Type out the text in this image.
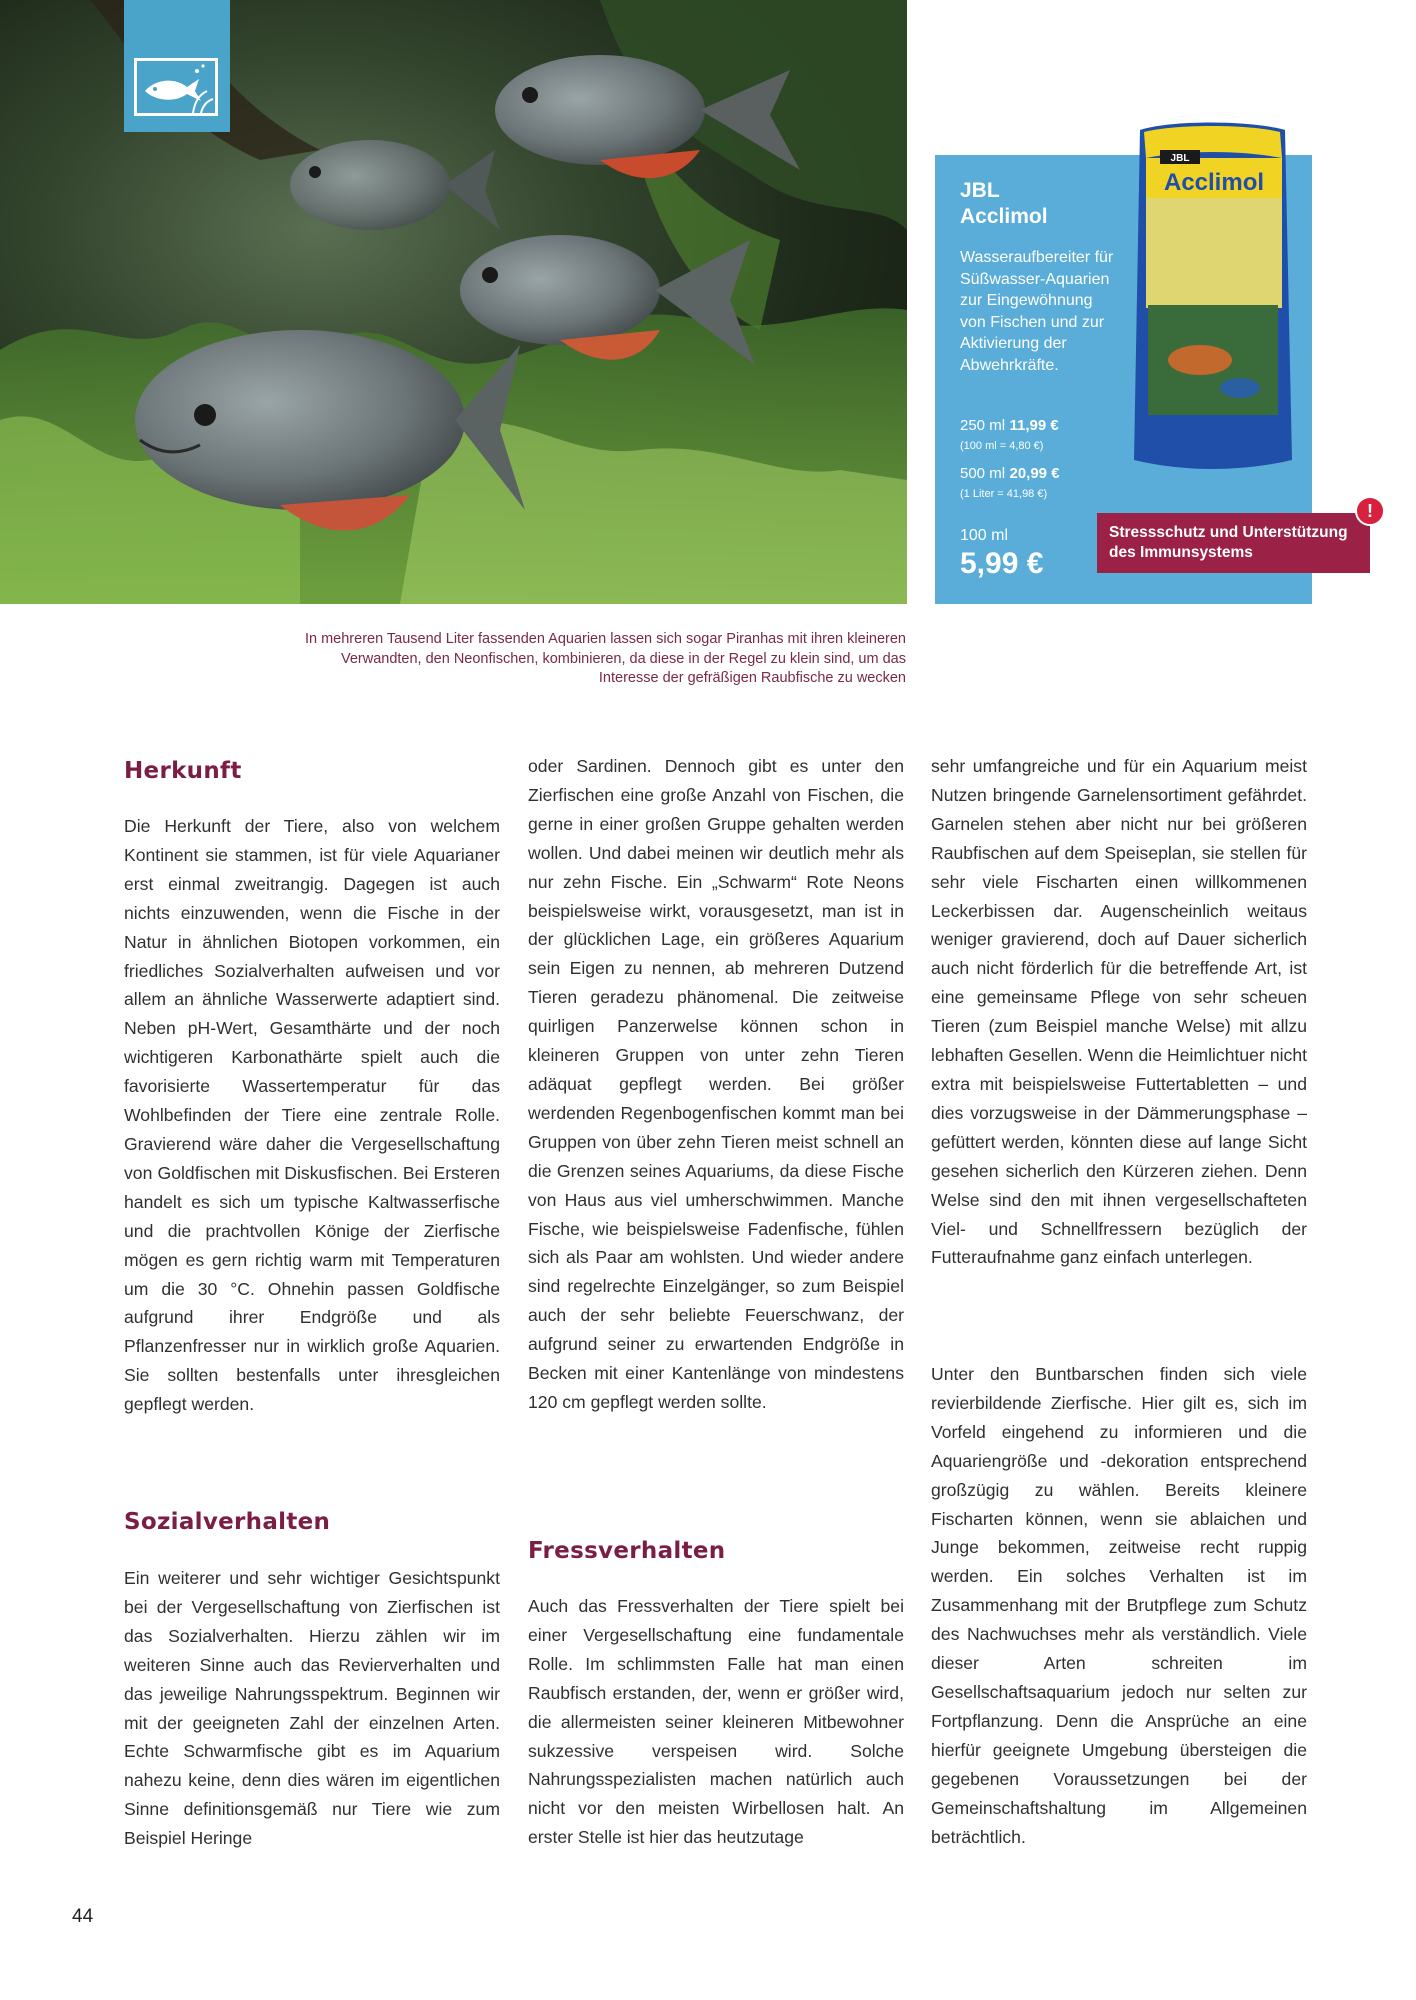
JBL
Acclimol
Wasseraufbereiter für Süßwasser-Aquarien zur Eingewöhnung von Fischen und zur Aktivierung der Abwehrkräfte.
250 ml 11,99 €
(100 ml = 4,80 €)
500 ml 20,99 €
(1 Liter = 41,98 €)
100 ml
5,99 €
JBL
Acclimol
Stressschutz und Unterstützung des Immunsystems
!
In mehreren Tausend Liter fassenden Aquarien lassen sich sogar Piranhas mit ihren kleineren Verwandten, den Neonfischen, kombinieren, da diese in der Regel zu klein sind, um das Interesse der gefräßigen Raubfische zu wecken
Herkunft

Die Herkunft der Tiere, also von welchem Kontinent sie stammen, ist für viele Aquarianer erst einmal zweitrangig. Dagegen ist auch nichts einzuwenden, wenn die Fische in der Natur in ähnlichen Biotopen vorkommen, ein friedliches Sozialverhalten aufweisen und vor allem an ähnliche Wasserwerte adaptiert sind. Neben pH-Wert, Gesamthärte und der noch wichtigeren Karbonathärte spielt auch die favorisierte Wassertemperatur für das Wohlbefinden der Tiere eine zentrale Rolle. Gravierend wäre daher die Vergesellschaftung von Goldfischen mit Diskusfischen. Bei Ersteren handelt es sich um typische Kaltwasserfische und die prachtvollen Könige der Zierfische mögen es gern richtig warm mit Temperaturen um die 30 °C. Ohnehin passen Goldfische aufgrund ihrer Endgröße und als Pflanzenfresser nur in wirklich große Aquarien. Sie sollten bestenfalls unter ihresgleichen gepflegt werden.

Sozialverhalten

Ein weiterer und sehr wichtiger Gesichtspunkt bei der Vergesellschaftung von Zierfischen ist das Sozialverhalten. Hierzu zählen wir im weiteren Sinne auch das Revierverhalten und das jeweilige Nahrungsspektrum. Beginnen wir mit der geeigneten Zahl der einzelnen Arten. Echte Schwarmfische gibt es im Aquarium nahezu keine, denn dies wären im eigentlichen Sinne definitionsgemäß nur Tiere wie zum Beispiel Heringe

oder Sardinen. Dennoch gibt es unter den Zierfischen eine große Anzahl von Fischen, die gerne in einer großen Gruppe gehalten werden wollen. Und dabei meinen wir deutlich mehr als nur zehn Fische. Ein „Schwarm“ Rote Neons beispielsweise wirkt, vorausgesetzt, man ist in der glücklichen Lage, ein größeres Aquarium sein Eigen zu nennen, ab mehreren Dutzend Tieren geradezu phänomenal. Die zeitweise quirligen Panzerwelse können schon in kleineren Gruppen von unter zehn Tieren adäquat gepflegt werden. Bei größer werdenden Regenbogenfischen kommt man bei Gruppen von über zehn Tieren meist schnell an die Grenzen seines Aquariums, da diese Fische von Haus aus viel umherschwimmen. Manche Fische, wie beispielsweise Fadenfische, fühlen sich als Paar am wohlsten. Und wieder andere sind regelrechte Einzelgänger, so zum Beispiel auch der sehr beliebte Feuerschwanz, der aufgrund seiner zu erwartenden Endgröße in Becken mit einer Kantenlänge von mindestens 120 cm gepflegt werden sollte.

Fressverhalten

Auch das Fressverhalten der Tiere spielt bei einer Vergesellschaftung eine fundamentale Rolle. Im schlimmsten Falle hat man einen Raubfisch erstanden, der, wenn er größer wird, die allermeisten seiner kleineren Mitbewohner sukzessive verspeisen wird. Solche Nahrungsspezialisten machen natürlich auch nicht vor den meisten Wirbellosen halt. An erster Stelle ist hier das heutzutage

sehr umfangreiche und für ein Aquarium meist Nutzen bringende Garnelensortiment gefährdet. Garnelen stehen aber nicht nur bei größeren Raubfischen auf dem Speiseplan, sie stellen für sehr viele Fischarten einen willkommenen Leckerbissen dar. Augenscheinlich weitaus weniger gravierend, doch auf Dauer sicherlich auch nicht förderlich für die betreffende Art, ist eine gemeinsame Pflege von sehr scheuen Tieren (zum Beispiel manche Welse) mit allzu lebhaften Gesellen. Wenn die Heimlichtuer nicht extra mit beispielsweise Futtertabletten – und dies vorzugsweise in der Dämmerungsphase – gefüttert werden, könnten diese auf lange Sicht gesehen sicherlich den Kürzeren ziehen. Denn Welse sind den mit ihnen vergesellschafteten Viel- und Schnellfressern bezüglich der Futteraufnahme ganz einfach unterlegen.

Unter den Buntbarschen finden sich viele revierbildende Zierfische. Hier gilt es, sich im Vorfeld eingehend zu informieren und die Aquariengröße und -dekoration entsprechend großzügig zu wählen. Bereits kleinere Fischarten können, wenn sie ablaichen und Junge bekommen, zeitweise recht ruppig werden. Ein solches Verhalten ist im Zusammenhang mit der Brutpflege zum Schutz des Nachwuchses mehr als verständlich. Viele dieser Arten schreiten im Gesellschaftsaquarium jedoch nur selten zur Fortpflanzung. Denn die Ansprüche an eine hierfür geeignete Umgebung übersteigen die gegebenen Voraussetzungen bei der Gemeinschaftshaltung im Allgemeinen beträchtlich.

44
